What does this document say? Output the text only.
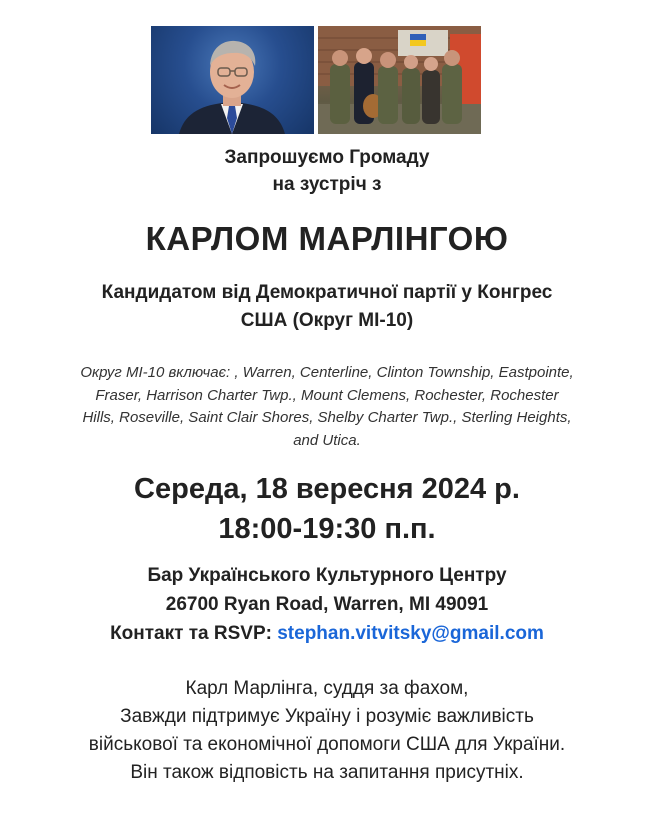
Запрошуємо Громаду
на зустріч з
КАРЛОМ МАРЛІНГОЮ
Кандидатом від Демократичної партії у Конгрес
США (Округ MI-10)
Округ MI-10 включає: , Warren, Centerline, Clinton Township, Eastpointe,
Fraser, Harrison Charter Twp., Mount Clemens, Rochester, Rochester
Hills, Roseville, Saint Clair Shores, Shelby Charter Twp., Sterling Heights,
and Utica.
Середа, 18 вересня 2024 р.
18:00-19:30 п.п.
Бар Українського Культурного Центру
26700 Ryan Road, Warren, MI 49091
Контакт та RSVP: stephan.vitvitsky@gmail.com
Карл Марлінга, суддя за фахом,
Завжди підтримує Україну і розуміє важливість
військової та економічної допомоги США для України.
Він також відповість на запитання присутніх.
